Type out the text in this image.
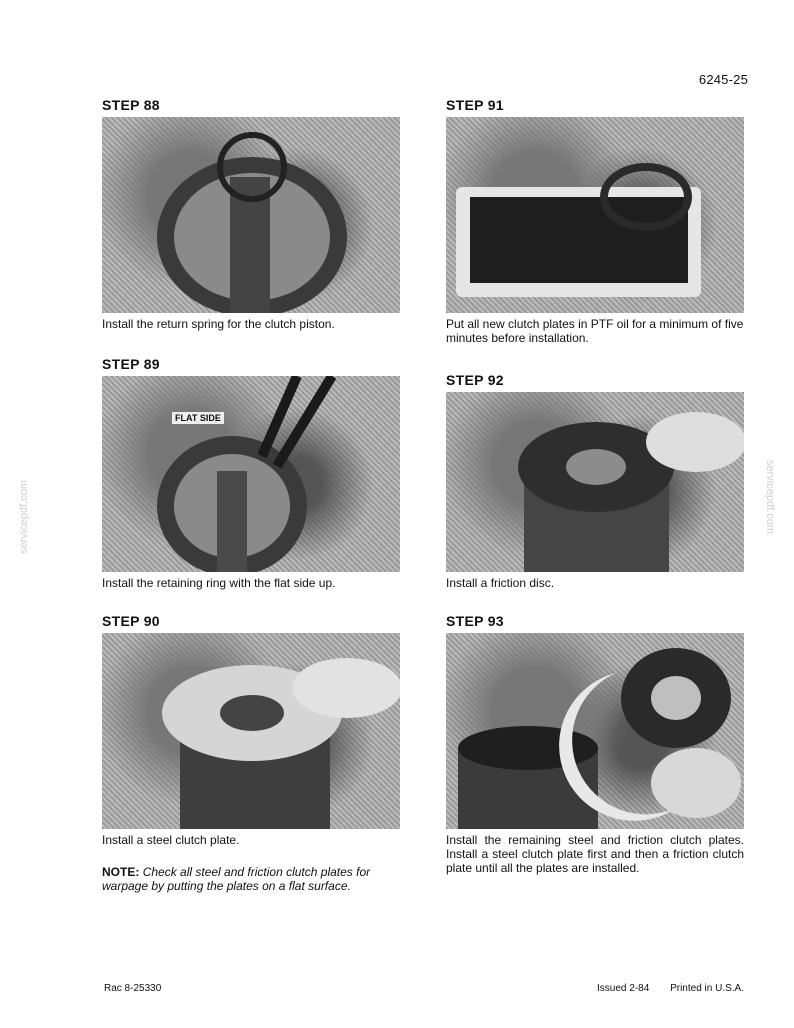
6245-25
STEP 88
Install the return spring for the clutch piston.
STEP 89
FLAT SIDE
Install the retaining ring with the flat side up.
STEP 90
Install a steel clutch plate.
NOTE: Check all steel and friction clutch plates for warpage by putting the plates on a flat surface.
STEP 91
Put all new clutch plates in PTF oil for a minimum of five minutes before installation.
STEP 92
Install a friction disc.
STEP 93
Install the remaining steel and friction clutch plates. Install a steel clutch plate first and then a friction clutch plate until all the plates are installed.
servicepdf.com	servicepdf.com
Rac 8-25330	Issued 2-84 Printed in U.S.A.
